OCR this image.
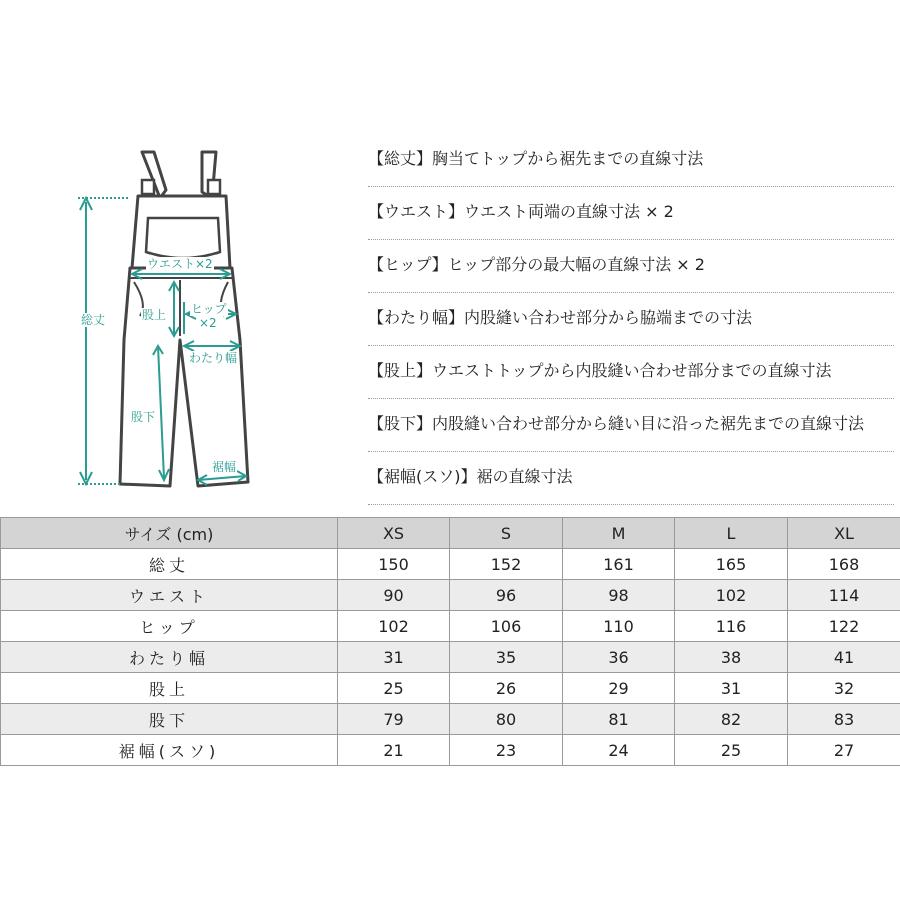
総丈
ウエスト×2
股上 ヒップ
×2
わたり幅
股下
裾幅
【総丈】胸当てトップから裾先までの直線寸法
【ウエスト】ウエスト両端の直線寸法 × 2
【ヒップ】ヒップ部分の最大幅の直線寸法 × 2
【わたり幅】内股縫い合わせ部分から脇端までの寸法
【股上】ウエストトップから内股縫い合わせ部分までの直線寸法
【股下】内股縫い合わせ部分から縫い目に沿った裾先までの直線寸法
【裾幅(スソ)】裾の直線寸法
サイズ (cm)	XS	S	M	L	XL
総丈	150	152	161	165	168
ウエスト	90	96	98	102	114
ヒップ	102	106	110	116	122
わたり幅	31	35	36	38	41
股上	25	26	29	31	32
股下	79	80	81	82	83
裾幅(スソ)	21	23	24	25	27
